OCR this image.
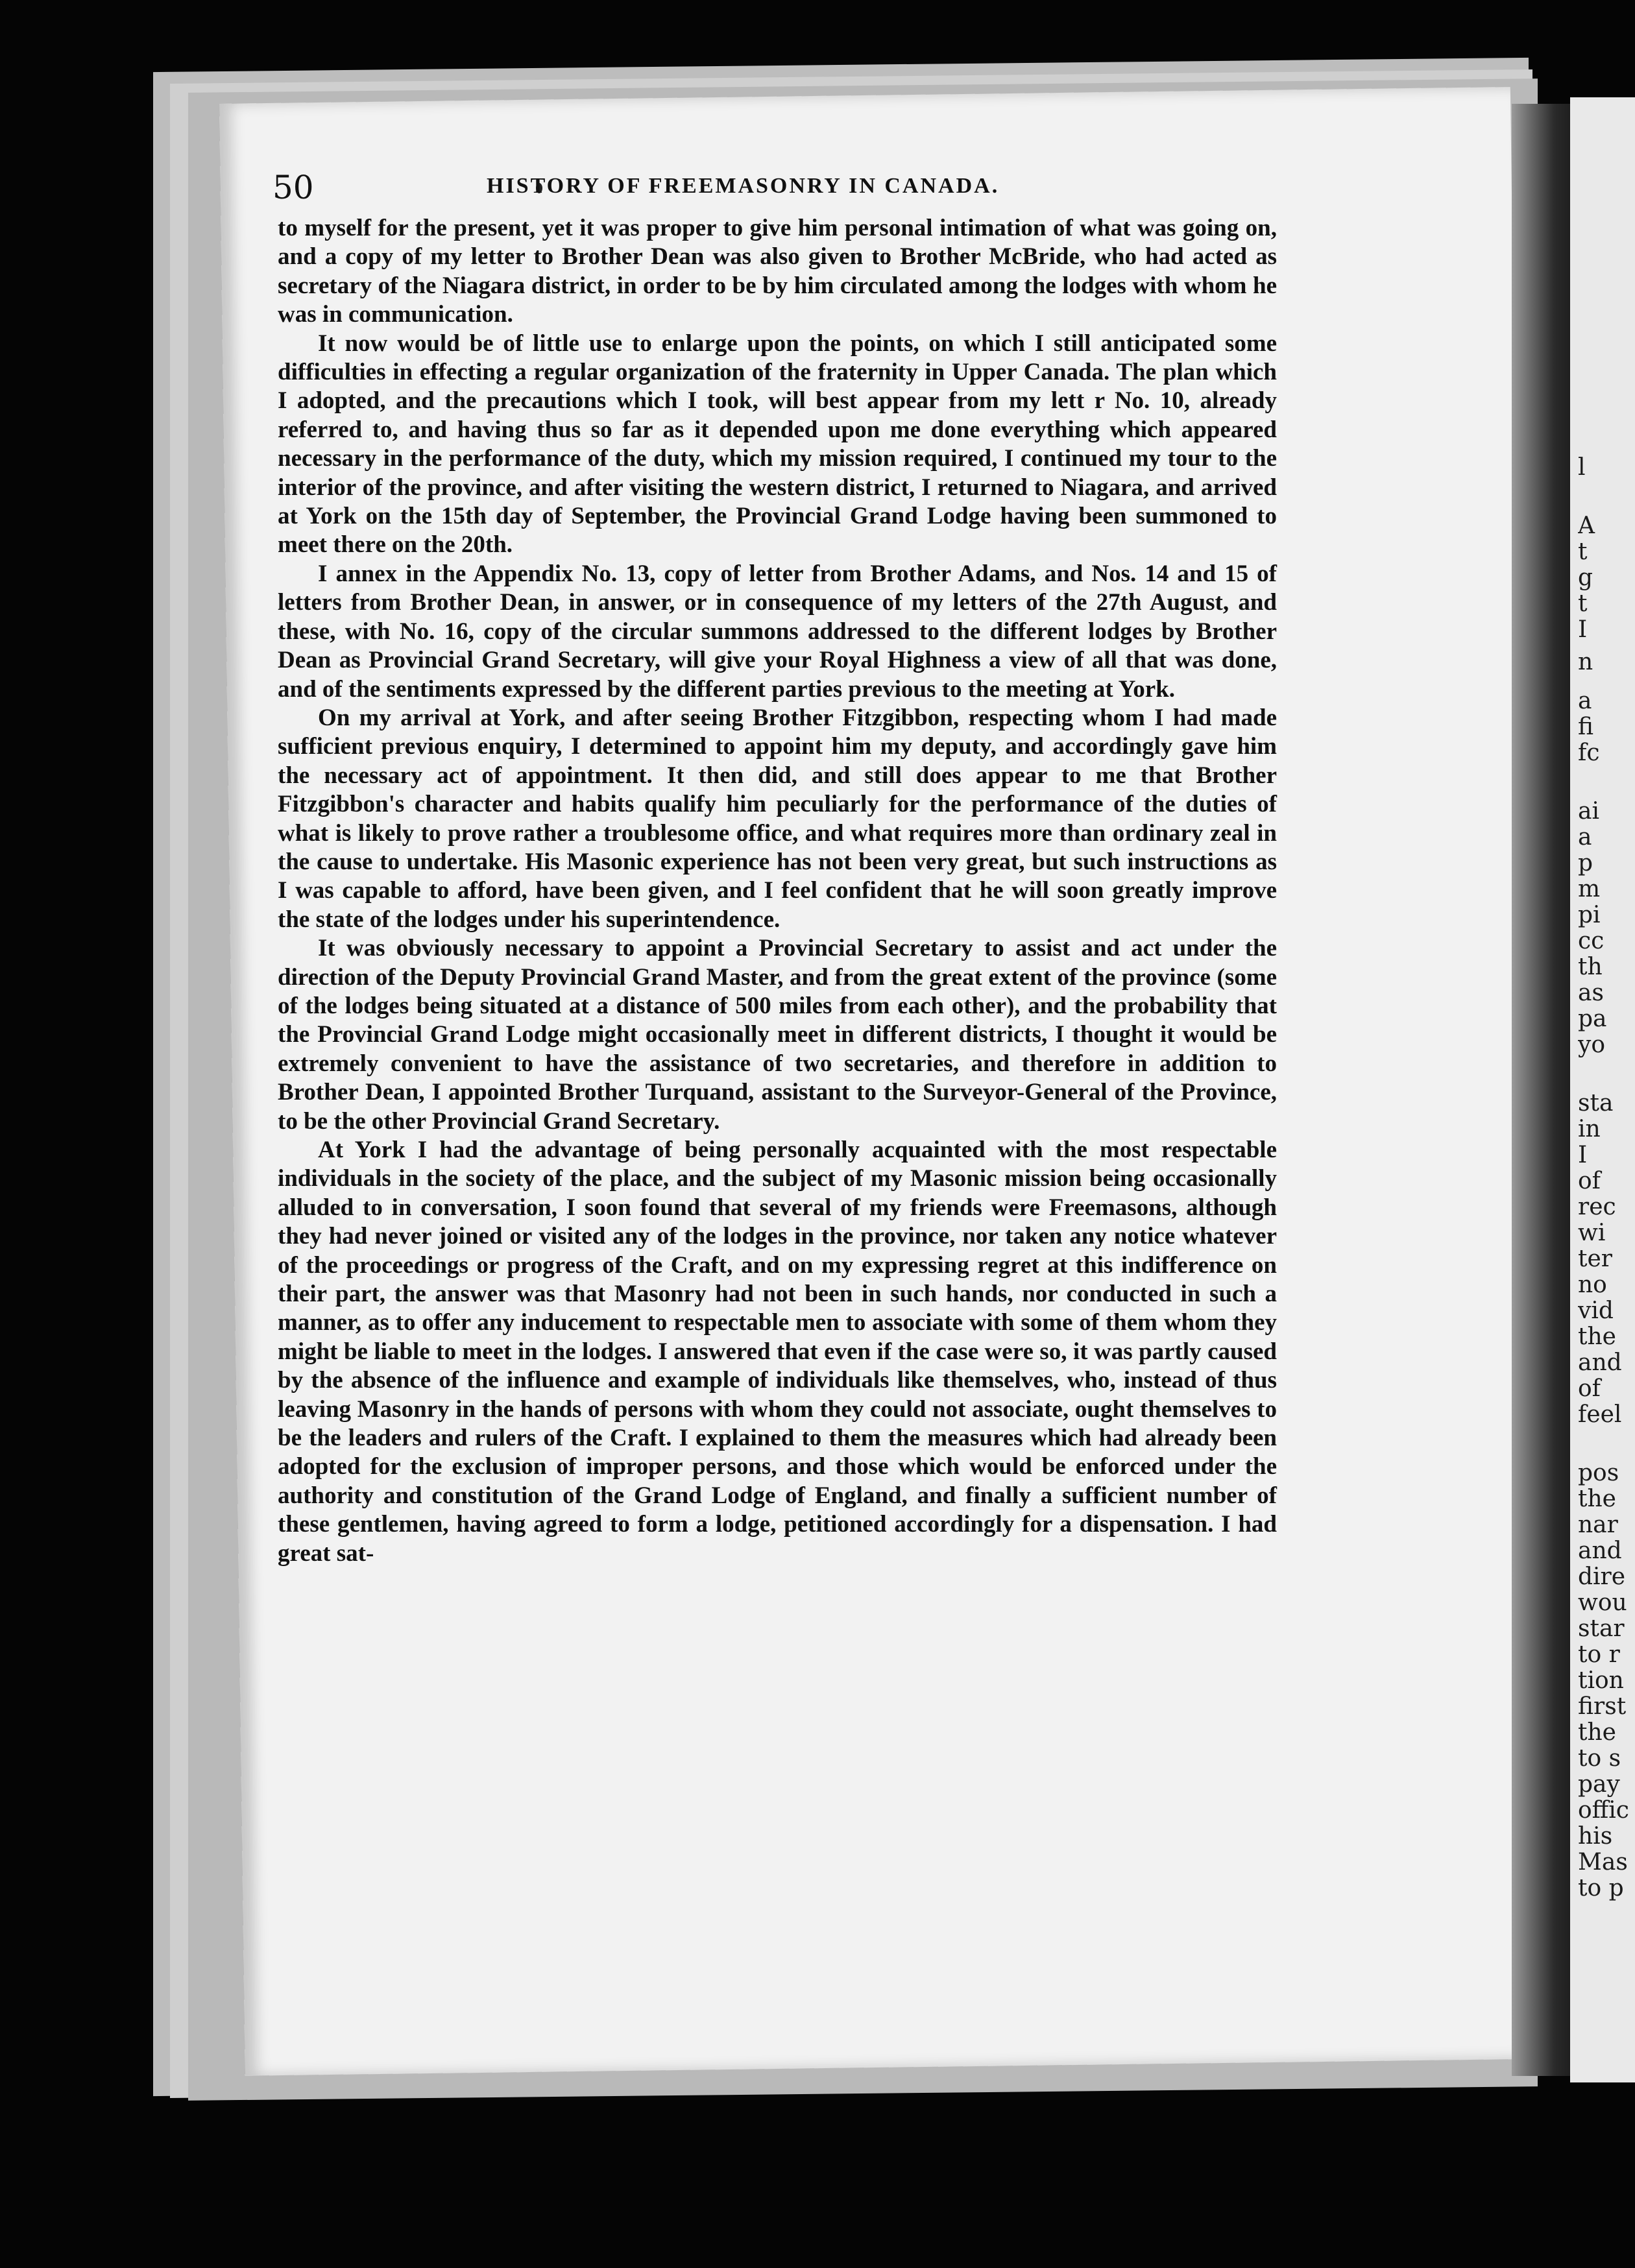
50	HISTORY OF FREEMASONRY IN CANADA.

to myself for the present, yet it was proper to give him personal intimation of what was going on, and a copy of my letter to Brother Dean was also given to Brother McBride, who had acted as secretary of the Niagara district, in order to be by him circulated among the lodges with whom he was in communication.

It now would be of little use to enlarge upon the points, on which I still anticipated some difficulties in effecting a regular organization of the fraternity in Upper Canada. The plan which I adopted, and the precautions which I took, will best appear from my lett r No. 10, already referred to, and having thus so far as it depended upon me done everything which appeared necessary in the performance of the duty, which my mission required, I continued my tour to the interior of the province, and after visiting the western district, I returned to Niagara, and arrived at York on the 15th day of September, the Provincial Grand Lodge having been summoned to meet there on the 20th.

I annex in the Appendix No. 13, copy of letter from Brother Adams, and Nos. 14 and 15 of letters from Brother Dean, in answer, or in consequence of my letters of the 27th August, and these, with No. 16, copy of the circular summons addressed to the different lodges by Brother Dean as Provincial Grand Secretary, will give your Royal Highness a view of all that was done, and of the sentiments expressed by the different parties previous to the meeting at York.

On my arrival at York, and after seeing Brother Fitzgibbon, respecting whom I had made sufficient previous enquiry, I determined to appoint him my deputy, and accordingly gave him the necessary act of appointment. It then did, and still does appear to me that Brother Fitzgibbon's character and habits qualify him peculiarly for the performance of the duties of what is likely to prove rather a troublesome office, and what requires more than ordinary zeal in the cause to undertake. His Masonic experience has not been very great, but such instructions as I was capable to afford, have been given, and I feel confident that he will soon greatly improve the state of the lodges under his superintendence.

It was obviously necessary to appoint a Provincial Secretary to assist and act under the direction of the Deputy Provincial Grand Master, and from the great extent of the province (some of the lodges being situated at a distance of 500 miles from each other), and the probability that the Provincial Grand Lodge might occasionally meet in different districts, I thought it would be extremely convenient to have the assistance of two secretaries, and therefore in addition to Brother Dean, I appointed Brother Turquand, assistant to the Surveyor-General of the Province, to be the other Provincial Grand Secretary.

At York I had the advantage of being personally acquainted with the most respectable individuals in the society of the place, and the subject of my Masonic mission being occasionally alluded to in conversation, I soon found that several of my friends were Freemasons, although they had never joined or visited any of the lodges in the province, nor taken any notice whatever of the proceedings or progress of the Craft, and on my expressing regret at this indifference on their part, the answer was that Masonry had not been in such hands, nor conducted in such a manner, as to offer any inducement to respectable men to associate with some of them whom they might be liable to meet in the lodges. I answered that even if the case were so, it was partly caused by the absence of the influence and example of individuals like themselves, who, instead of thus leaving Masonry in the hands of persons with whom they could not associate, ought themselves to be the leaders and rulers of the Craft. I explained to them the measures which had already been adopted for the exclusion of improper persons, and those which would be enforced under the authority and constitution of the Grand Lodge of England, and finally a sufficient number of these gentlemen, having agreed to form a lodge, petitioned accordingly for a dispensation. I had great sat-

l
A
t
g
t
I
n
a
fi
fc
ai
a
p
m
pi
cc
th
as
pa
yo
sta
in
I
of
rec
wi
ter
no
vid
the
and
of
feel
pos
the
nar
and
dire
wou
star
to r
tion
first
the
to s
pay
offic
his
Mas
to p
